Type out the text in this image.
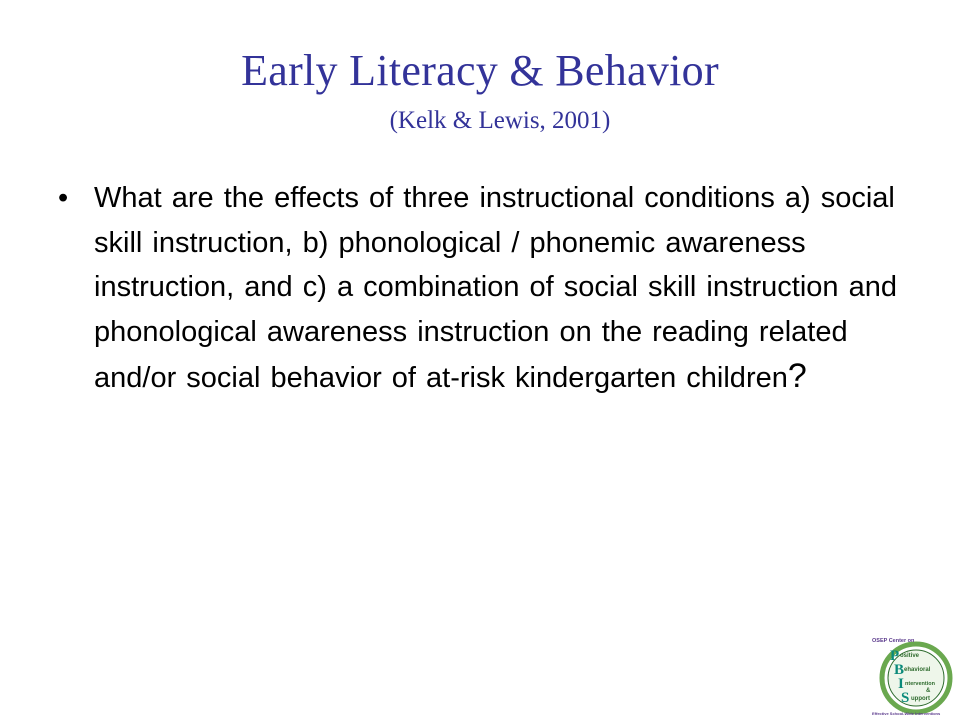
Early Literacy & Behavior
(Kelk & Lewis, 2001)
• What are the effects of three instructional conditions a) social skill instruction, b) phonological / phonemic awareness instruction, and c) a combination of social skill instruction and phonological awareness instruction on the reading related and/or social behavior of at-risk kindergarten children?
OSEP Center on
P ositive
B ehavioral
I ntervention
&
S upport
Effective School-Wide Interventions
